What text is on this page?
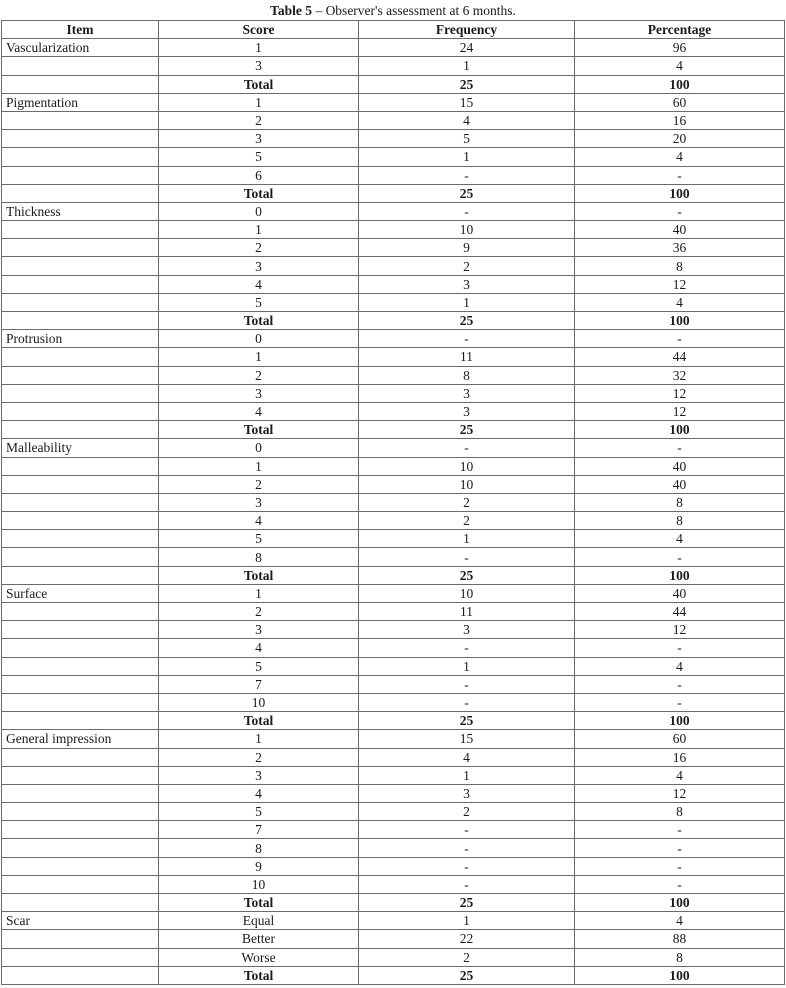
Table 5 – Observer's assessment at 6 months.
Item	Score	Frequency	Percentage
Vascularization	1	24	96
	3	1	4
	Total	25	100
Pigmentation	1	15	60
	2	4	16
	3	5	20
	5	1	4
	6	-	-
	Total	25	100
Thickness	0	-	-
	1	10	40
	2	9	36
	3	2	8
	4	3	12
	5	1	4
	Total	25	100
Protrusion	0	-	-
	1	11	44
	2	8	32
	3	3	12
	4	3	12
	Total	25	100
Malleability	0	-	-
	1	10	40
	2	10	40
	3	2	8
	4	2	8
	5	1	4
	8	-	-
	Total	25	100
Surface	1	10	40
	2	11	44
	3	3	12
	4	-	-
	5	1	4
	7	-	-
	10	-	-
	Total	25	100
General impression	1	15	60
	2	4	16
	3	1	4
	4	3	12
	5	2	8
	7	-	-
	8	-	-
	9	-	-
	10	-	-
	Total	25	100
Scar	Equal	1	4
	Better	22	88
	Worse	2	8
	Total	25	100
